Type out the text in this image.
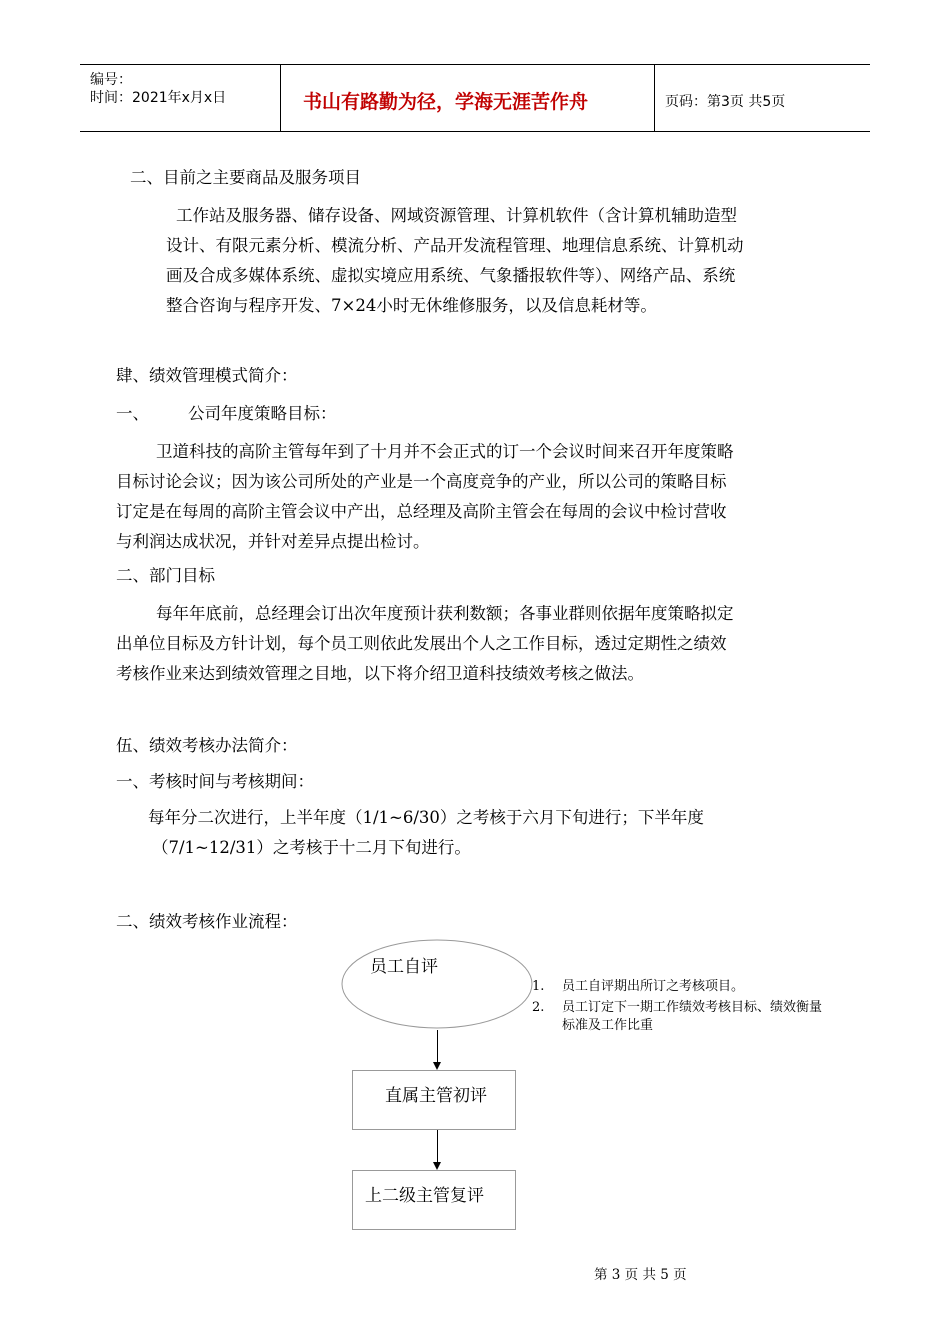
编号：
时间：2021年x月x日	书山有路勤为径，学海无涯苦作舟	页码：第3页 共5页
二、目前之主要商品及服务项目
工作站及服务器、储存设备、网域资源管理、计算机软件（含计算机辅助造型
设计、有限元素分析、模流分析、产品开发流程管理、地理信息系统、计算机动
画及合成多媒体系统、虚拟实境应用系统、气象播报软件等）、网络产品、系统
整合咨询与程序开发、7×24小时无休维修服务，以及信息耗材等。
肆、绩效管理模式简介：
一、 公司年度策略目标：
卫道科技的高阶主管每年到了十月并不会正式的订一个会议时间来召开年度策略
目标讨论会议；因为该公司所处的产业是一个高度竞争的产业，所以公司的策略目标
订定是在每周的高阶主管会议中产出，总经理及高阶主管会在每周的会议中检讨营收
与利润达成状况，并针对差异点提出检讨。
二、部门目标
每年年底前，总经理会订出次年度预计获利数额；各事业群则依据年度策略拟定
出单位目标及方针计划，每个员工则依此发展出个人之工作目标，透过定期性之绩效
考核作业来达到绩效管理之目地，以下将介绍卫道科技绩效考核之做法。
伍、绩效考核办法简介：
一、考核时间与考核期间：
每年分二次进行，上半年度（1/1~6/30）之考核于六月下旬进行；下半年度
（7/1~12/31）之考核于十二月下旬进行。
二、绩效考核作业流程：
员工自评
直属主管初评
上二级主管复评
1. 员工自评期出所订之考核项目。
2. 员工订定下一期工作绩效考核目标、绩效衡量
标准及工作比重
第 3 页 共 5 页
